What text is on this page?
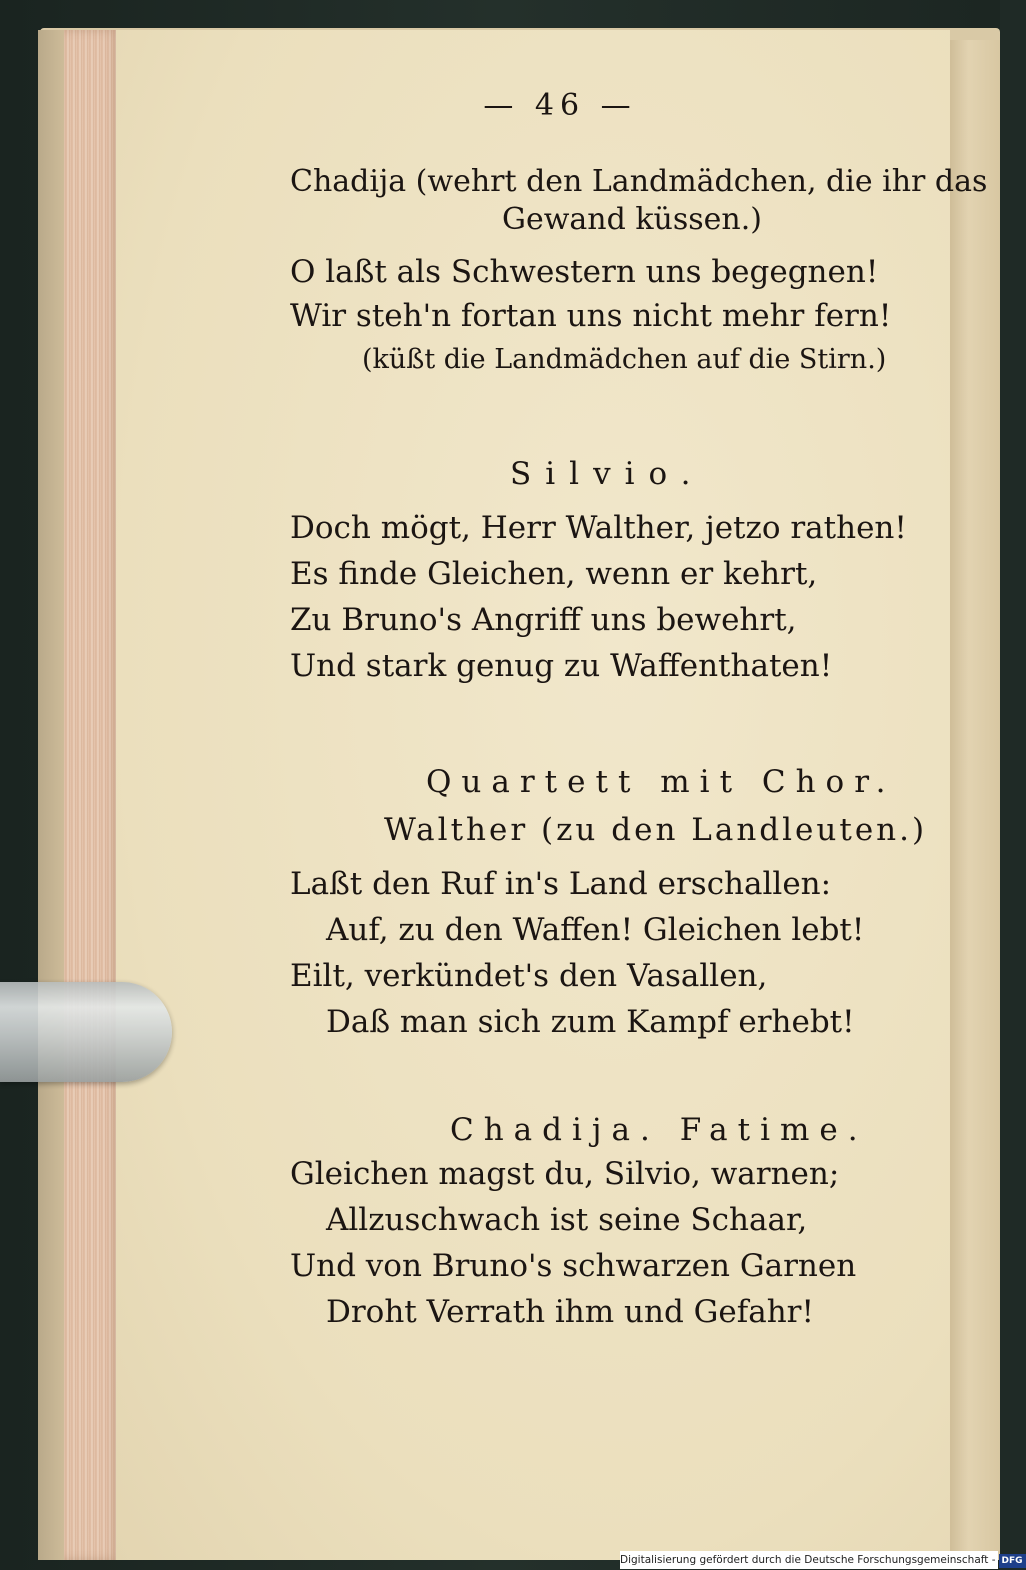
— 46 —
Chadija (wehrt den Landmädchen, die ihr das
Gewand küssen.)
O laßt als Schwestern uns begegnen!
Wir steh'n fortan uns nicht mehr fern!
(küßt die Landmädchen auf die Stirn.)
Silvio.
Doch mögt, Herr Walther, jetzo rathen!
Es finde Gleichen, wenn er kehrt,
Zu Bruno's Angriff uns bewehrt,
Und stark genug zu Waffenthaten!
Quartett mit Chor.
Walther (zu den Landleuten.)
Laßt den Ruf in's Land erschallen:
Auf, zu den Waffen! Gleichen lebt!
Eilt, verkündet's den Vasallen,
Daß man sich zum Kampf erhebt!
Chadija. Fatime.
Gleichen magst du, Silvio, warnen;
Allzuschwach ist seine Schaar,
Und von Bruno's schwarzen Garnen
Droht Verrath ihm und Gefahr!
Digitalisierung gefördert durch die Deutsche Forschungsgemeinschaft - DFG
